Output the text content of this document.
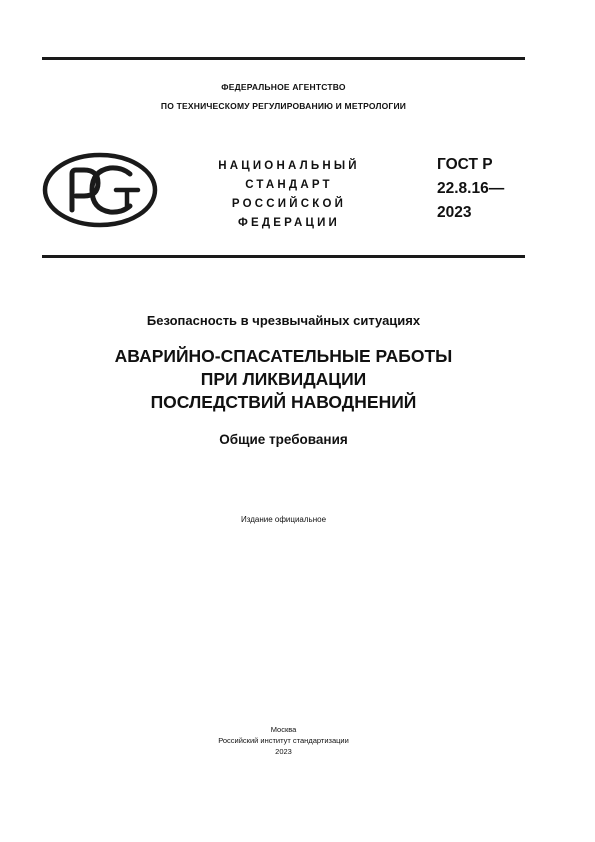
ФЕДЕРАЛЬНОЕ АГЕНТСТВО
ПО ТЕХНИЧЕСКОМУ РЕГУЛИРОВАНИЮ И МЕТРОЛОГИИ
НАЦИОНАЛЬНЫЙ
СТАНДАРТ
РОССИЙСКОЙ
ФЕДЕРАЦИИ
ГОСТ Р
22.8.16—
2023
Безопасность в чрезвычайных ситуациях
АВАРИЙНО-СПАСАТЕЛЬНЫЕ РАБОТЫ
ПРИ ЛИКВИДАЦИИ
ПОСЛЕДСТВИЙ НАВОДНЕНИЙ
Общие требования
Издание официальное
Москва
Российский институт стандартизации
2023
